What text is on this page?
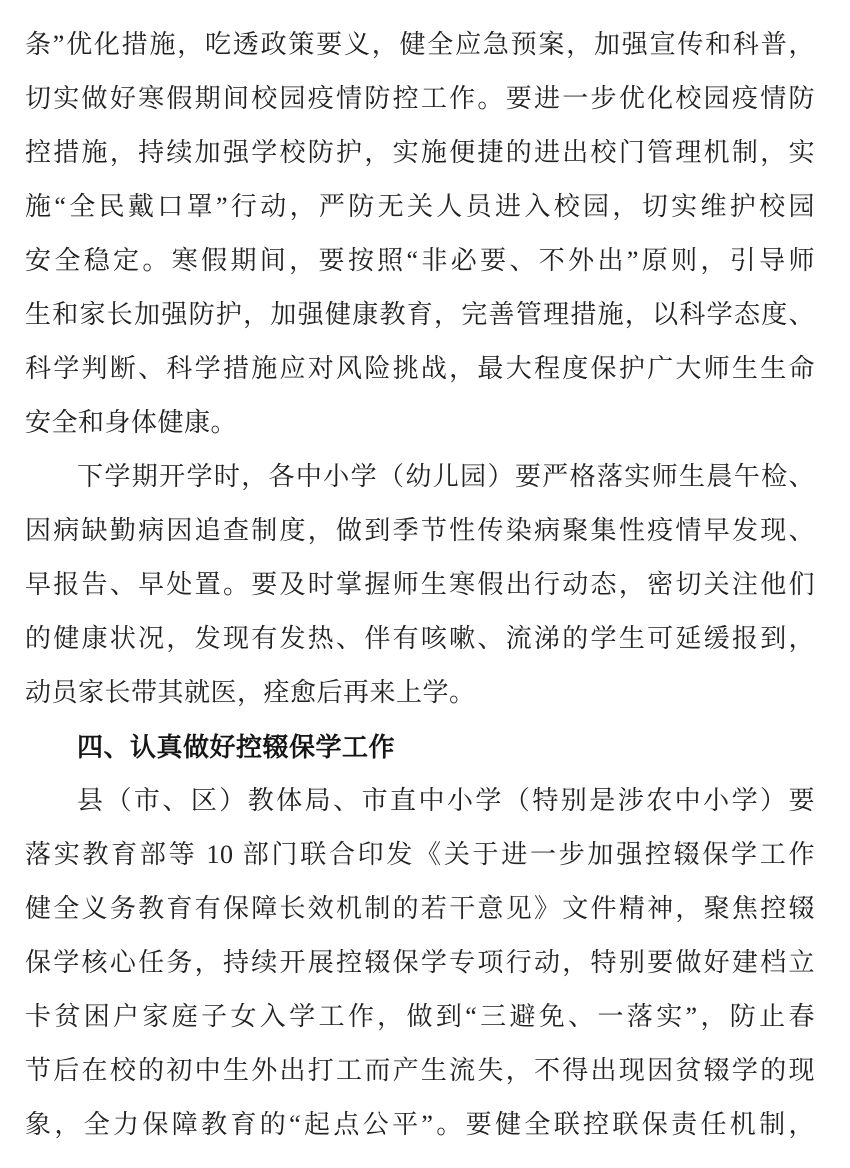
条”优化措施，吃透政策要义，健全应急预案，加强宣传和科普，
切实做好寒假期间校园疫情防控工作。要进一步优化校园疫情防
控措施，持续加强学校防护，实施便捷的进出校门管理机制，实
施“全民戴口罩”行动，严防无关人员进入校园，切实维护校园
安全稳定。寒假期间，要按照“非必要、不外出”原则，引导师
生和家长加强防护，加强健康教育，完善管理措施，以科学态度、
科学判断、科学措施应对风险挑战，最大程度保护广大师生生命
安全和身体健康。
下学期开学时，各中小学（幼儿园）要严格落实师生晨午检、
因病缺勤病因追查制度，做到季节性传染病聚集性疫情早发现、
早报告、早处置。要及时掌握师生寒假出行动态，密切关注他们
的健康状况，发现有发热、伴有咳嗽、流涕的学生可延缓报到，
动员家长带其就医，痊愈后再来上学。
四、认真做好控辍保学工作
县（市、区）教体局、市直中小学（特别是涉农中小学）要
落实教育部等 10 部门联合印发《关于进一步加强控辍保学工作
健全义务教育有保障长效机制的若干意见》文件精神，聚焦控辍
保学核心任务，持续开展控辍保学专项行动，特别要做好建档立
卡贫困户家庭子女入学工作，做到“三避免、一落实”，防止春
节后在校的初中生外出打工而产生流失，不得出现因贫辍学的现
象，全力保障教育的“起点公平”。要健全联控联保责任机制，
